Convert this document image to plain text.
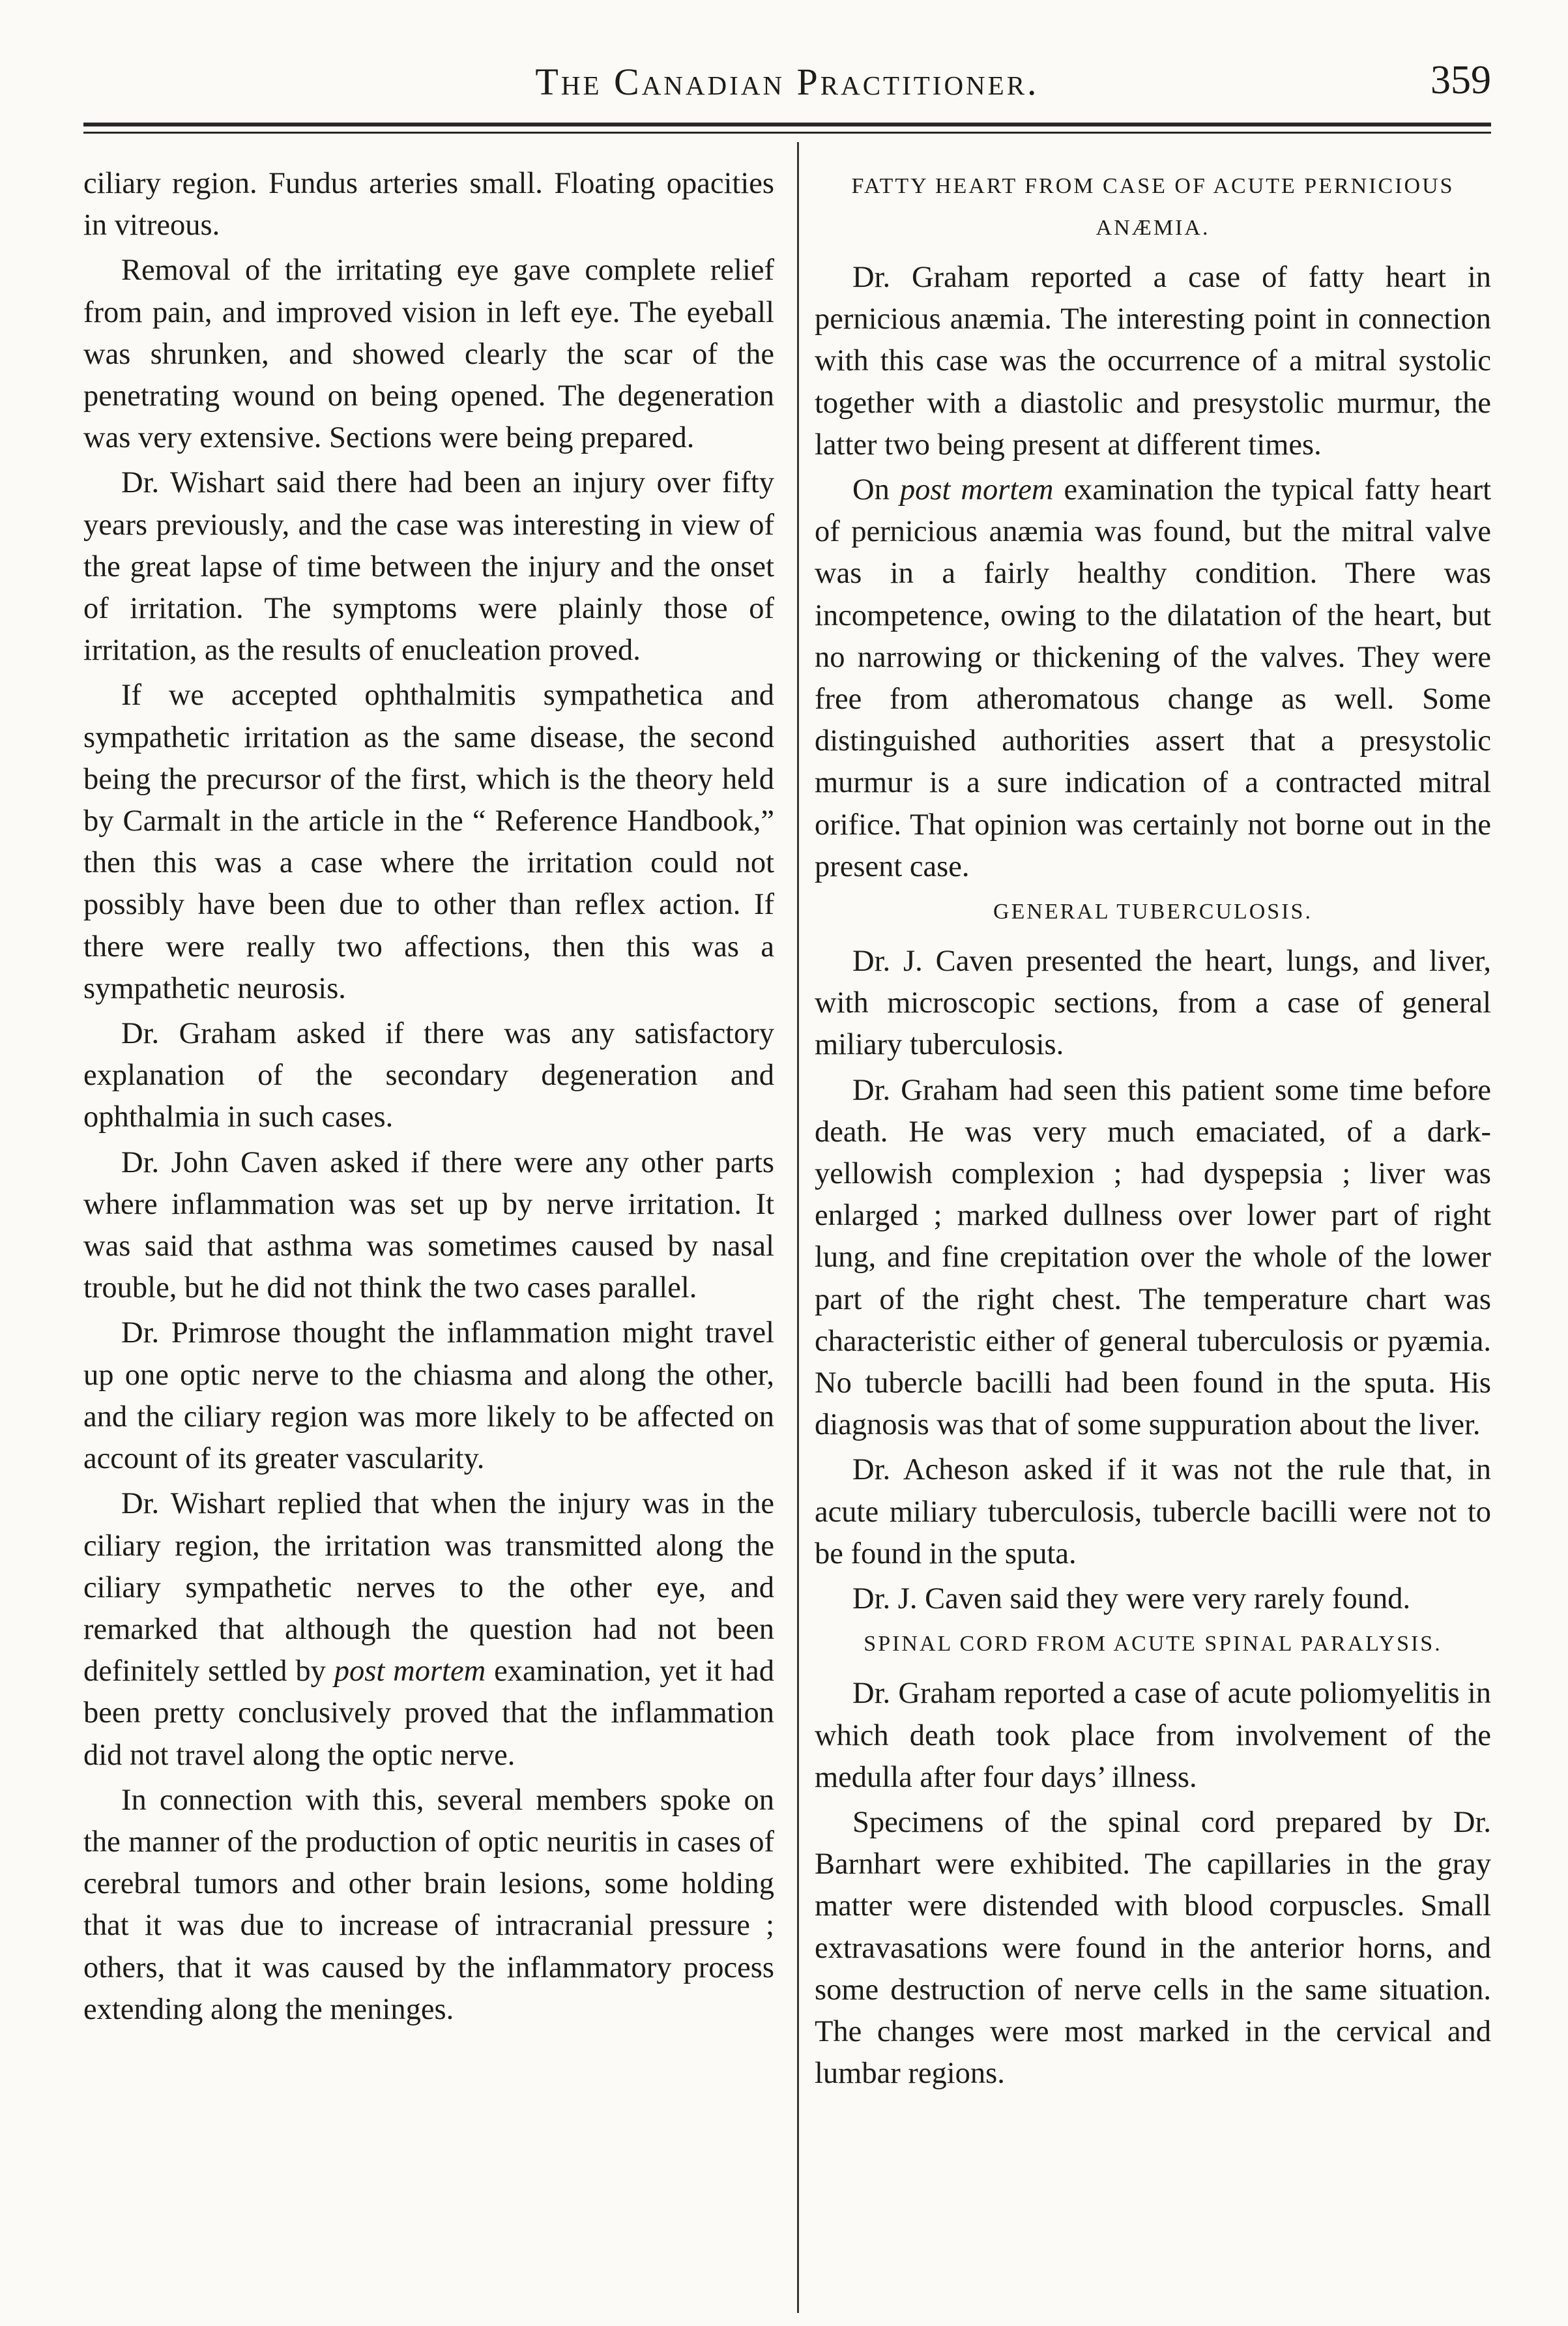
The Canadian Practitioner.	359

ciliary region. Fundus arteries small. Floating opacities in vitreous.

Removal of the irritating eye gave complete relief from pain, and improved vision in left eye. The eyeball was shrunken, and showed clearly the scar of the penetrating wound on being opened. The degeneration was very extensive. Sections were being prepared.

Dr. Wishart said there had been an injury over fifty years previously, and the case was interesting in view of the great lapse of time between the injury and the onset of irritation. The symptoms were plainly those of irritation, as the results of enucleation proved.

If we accepted ophthalmitis sympathetica and sympathetic irritation as the same disease, the second being the precursor of the first, which is the theory held by Carmalt in the article in the “ Reference Handbook,” then this was a case where the irritation could not possibly have been due to other than reflex action. If there were really two affections, then this was a sympathetic neurosis.

Dr. Graham asked if there was any satisfactory explanation of the secondary degeneration and ophthalmia in such cases.

Dr. John Caven asked if there were any other parts where inflammation was set up by nerve irritation. It was said that asthma was sometimes caused by nasal trouble, but he did not think the two cases parallel.

Dr. Primrose thought the inflammation might travel up one optic nerve to the chiasma and along the other, and the ciliary region was more likely to be affected on account of its greater vascularity.

Dr. Wishart replied that when the injury was in the ciliary region, the irritation was transmitted along the ciliary sympathetic nerves to the other eye, and remarked that although the question had not been definitely settled by post mortem examination, yet it had been pretty conclusively proved that the inflammation did not travel along the optic nerve.

In connection with this, several members spoke on the manner of the production of optic neuritis in cases of cerebral tumors and other brain lesions, some holding that it was due to increase of intracranial pressure ; others, that it was caused by the inflammatory process extending along the meninges.

FATTY HEART FROM CASE OF ACUTE PERNICIOUS ANÆMIA.

Dr. Graham reported a case of fatty heart in pernicious anæmia. The interesting point in connection with this case was the occurrence of a mitral systolic together with a diastolic and presystolic murmur, the latter two being present at different times.

On post mortem examination the typical fatty heart of pernicious anæmia was found, but the mitral valve was in a fairly healthy condition. There was incompetence, owing to the dilatation of the heart, but no narrowing or thickening of the valves. They were free from atheromatous change as well. Some distinguished authorities assert that a presystolic murmur is a sure indication of a contracted mitral orifice. That opinion was certainly not borne out in the present case.

GENERAL TUBERCULOSIS.

Dr. J. Caven presented the heart, lungs, and liver, with microscopic sections, from a case of general miliary tuberculosis.

Dr. Graham had seen this patient some time before death. He was very much emaciated, of a dark-yellowish complexion ; had dyspepsia ; liver was enlarged ; marked dullness over lower part of right lung, and fine crepitation over the whole of the lower part of the right chest. The temperature chart was characteristic either of general tuberculosis or pyæmia. No tubercle bacilli had been found in the sputa. His diagnosis was that of some suppuration about the liver.

Dr. Acheson asked if it was not the rule that, in acute miliary tuberculosis, tubercle bacilli were not to be found in the sputa.

Dr. J. Caven said they were very rarely found.

SPINAL CORD FROM ACUTE SPINAL PARALYSIS.

Dr. Graham reported a case of acute poliomyelitis in which death took place from involvement of the medulla after four days’ illness.

Specimens of the spinal cord prepared by Dr. Barnhart were exhibited. The capillaries in the gray matter were distended with blood corpuscles. Small extravasations were found in the anterior horns, and some destruction of nerve cells in the same situation. The changes were most marked in the cervical and lumbar regions.
